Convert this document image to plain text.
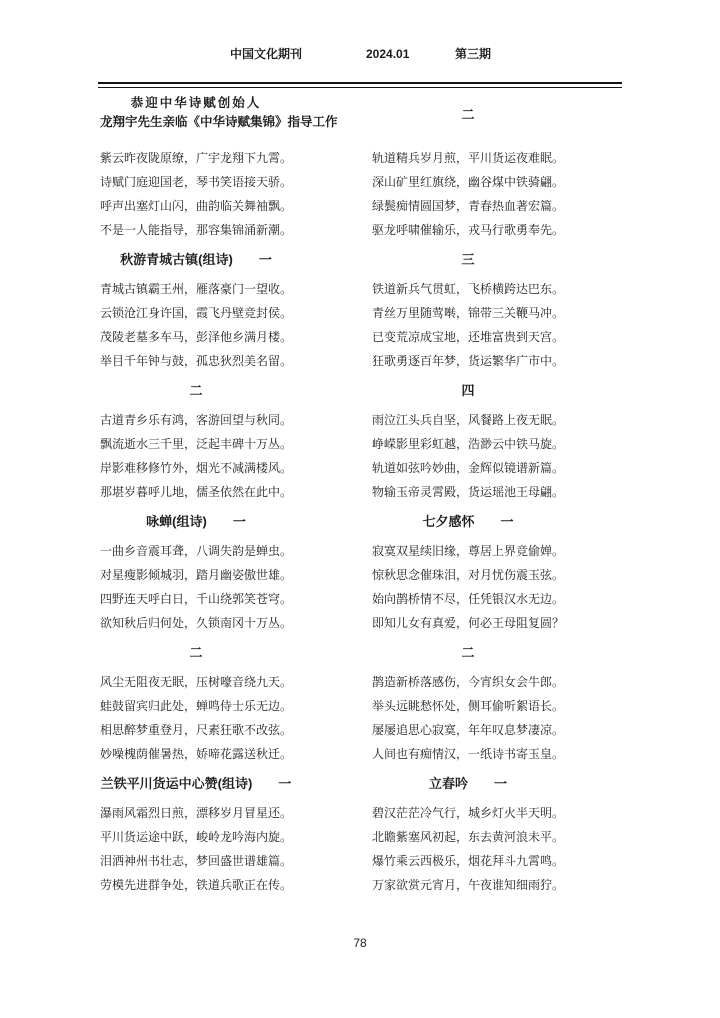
中国文化期刊	2024.01	第三期

恭迎中华诗赋创始人

龙翔宇先生亲临《中华诗赋集锦》指导工作	二

紫云昨夜陇原缭，广宇龙翔下九霄。

诗赋门庭迎国老，琴书笑语接天骄。

呼声出塞灯山闪，曲韵临关舞袖飘。

不是一人能指导，那容集锦涌新潮。

轨道精兵岁月煎，平川货运夜难眠。

深山矿里红旗绕，幽谷煤中铁骑翩。

绿鬓痴情圆国梦，青春热血著宏篇。

驱龙呼啸催输乐，戎马行歌勇奉先。

秋游青城古镇(组诗)　　一	三

青城古镇霸王州，雁落豪门一望收。

云锁沧江身许国，霞飞丹壁竞封侯。

茂陵老墓多车马，彭泽他乡满月楼。

举目千年钟与鼓，孤忠狄烈美名留。

铁道新兵气贯虹，飞桥横跨达巴东。

青丝万里随莺啭，锦带三关鞭马冲。

已变荒凉成宝地，还堆富贵到天宫。

狂歌勇逐百年梦，货运繁华广市中。

二	四

古道青乡乐有鸿，客游回望与秋同。

飘流逝水三千里，泛起丰碑十万丛。

岸影难移修竹外，烟光不减满楼风。

那堪岁暮呼儿地，儒圣依然在此中。

雨泣江头兵自坚，风餐路上夜无眠。

峥嵘影里彩虹越，浩渺云中铁马旋。

轨道如弦吟妙曲，金辉似镜谱新篇。

物输玉帝灵霄殿，货运瑶池王母翩。

咏蝉(组诗)　　一	七夕感怀　　一

一曲乡音震耳聋，八调失韵是蝉虫。

对星瘦影倾城羽，踏月幽姿傲世雄。

四野连天呼白日，千山绕郭笑苍穹。

欲知秋后归何处，久锁南冈十万丛。

寂寞双星续旧缘，尊居上界竞偷婵。

惊秋思念催珠泪，对月忧伤震玉弦。

始向鹊桥情不尽，任凭银汉水无边。

即知儿女有真爱，何必王母阻复圆？

二	二

风尘无阻夜无眠，压树嚎音绕九天。

蛙鼓留宾归此处，蝉鸣侍士乐无边。

相思醉梦重登月，尺素狂歌不改弦。

妙噪槐荫催暑热，娇啼花露送秋迁。

鹊造新桥落感伤，今宵织女会牛郎。

举头远眺愁怀处，侧耳偷听絮语长。

屡屡追思心寂寞，年年叹息梦凄凉。

人间也有痴情汉，一纸诗书寄玉皇。

兰铁平川货运中心赞(组诗)　　一	立春吟　　一

瀑雨风霜烈日煎，漂移岁月冒星还。

平川货运途中跃，峻岭龙吟海内旋。

泪洒神州书壮志，梦回盛世谱雄篇。

劳模先进群争处，铁道兵歌正在传。

碧汉茫茫冷气行，城乡灯火半天明。

北瞻紫塞风初起，东去黄河浪未平。

爆竹乘云西极乐，烟花拜斗九霄鸣。

万家欲赏元宵月，午夜谁知细雨狞。

78
